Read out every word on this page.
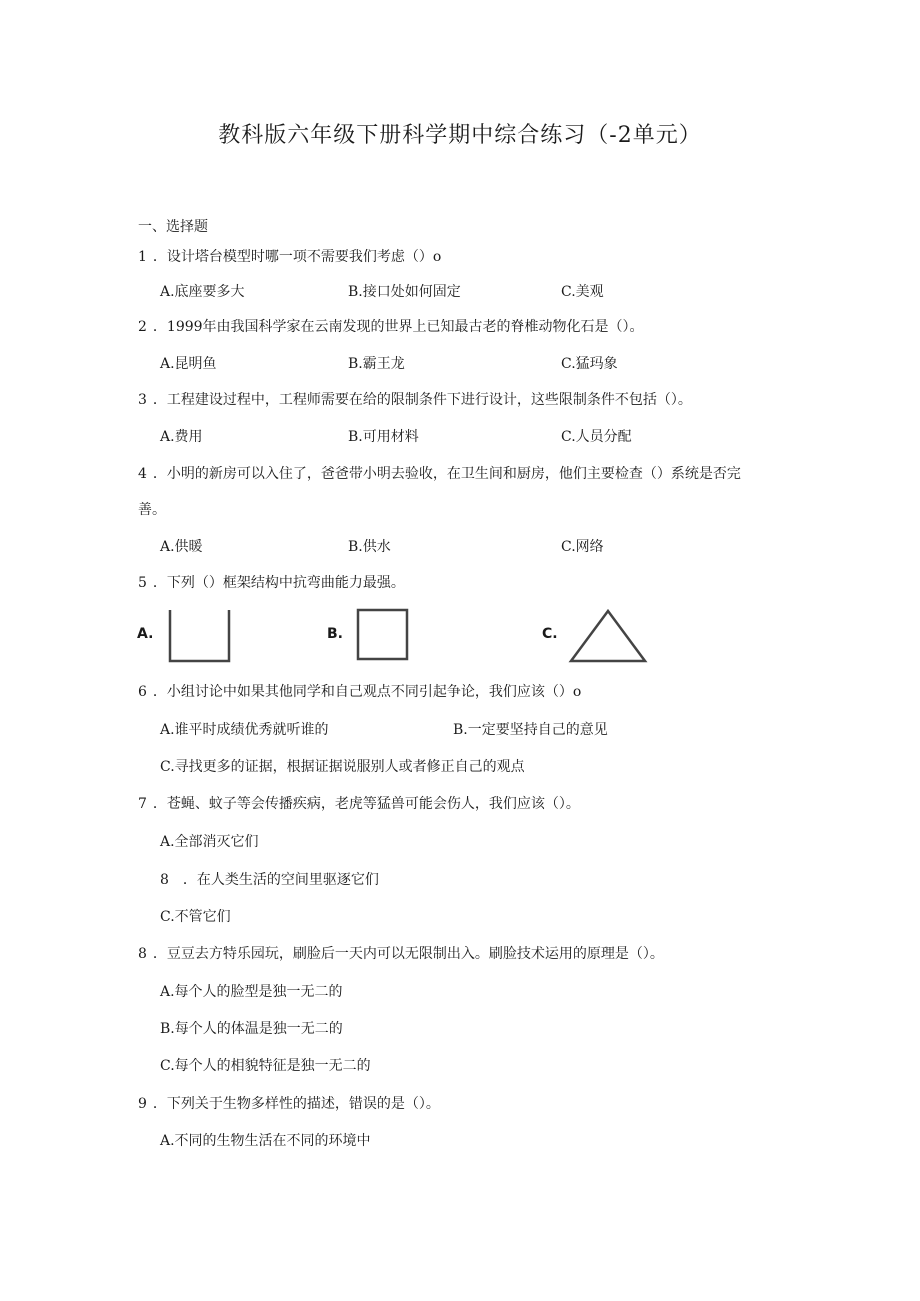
教科版六年级下册科学期中综合练习（-2单元）
一、选择题
1 ．设计塔台模型时哪一项不需要我们考虑（）o
A.底座要多大	B.接口处如何固定	C.美观
2 ．1999年由我国科学家在云南发现的世界上已知最古老的脊椎动物化石是（）。
A.昆明鱼	B.霸王龙	C.猛玛象
3 ．工程建设过程中，工程师需要在给的限制条件下进行设计，这些限制条件不包括（）。
A.费用	B.可用材料	C.人员分配
4 ．小明的新房可以入住了，爸爸带小明去验收，在卫生间和厨房，他们主要检查（）系统是否完
善。
A.供暖	B.供水	C.网络
5 ．下列（）框架结构中抗弯曲能力最强。
A.	B.	C.
6 ．小组讨论中如果其他同学和自己观点不同引起争论，我们应该（）o
A.谁平时成绩优秀就听谁的	B.一定要坚持自己的意见
C.寻找更多的证据，根据证据说服别人或者修正自己的观点
7 ．苍蝇、蚊子等会传播疾病，老虎等猛兽可能会伤人，我们应该（）。
A.全部消灭它们
8　．在人类生活的空间里驱逐它们
C.不管它们
8 ．豆豆去方特乐园玩，刷脸后一天内可以无限制出入。刷脸技术运用的原理是（）。
A.每个人的脸型是独一无二的
B.每个人的体温是独一无二的
C.每个人的相貌特征是独一无二的
9 ．下列关于生物多样性的描述，错误的是（）。
A.不同的生物生活在不同的环境中
